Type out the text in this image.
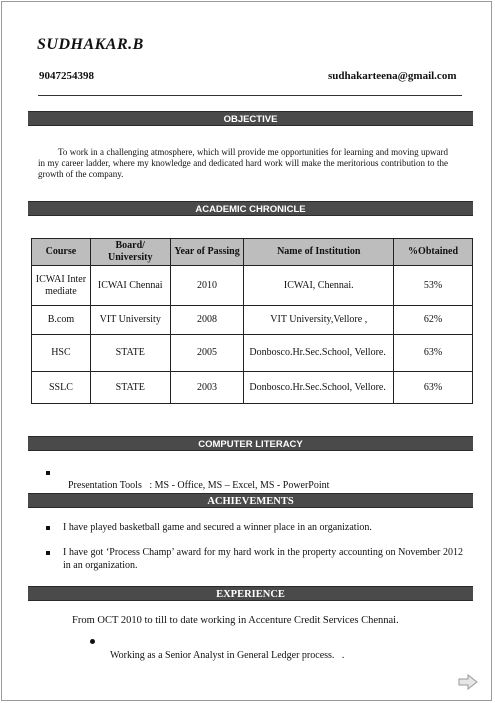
SUDHAKAR.B
9047254398	sudhakarteena@gmail.com
OBJECTIVE
To work in a challenging atmosphere, which will provide me opportunities for learning and moving upward in my career ladder, where my knowledge and dedicated hard work will make the meritorious contribution to the growth of the company.
ACADEMIC CHRONICLE
Course	Board/ University	Year of Passing	Name of Institution	%Obtained
ICWAI Intermediate	ICWAI Chennai	2010	ICWAI, Chennai.	53%
B.com	VIT University	2008	VIT University,Vellore ,	62%
HSC	STATE	2005	Donbosco.Hr.Sec.School, Vellore.	63%
SSLC	STATE	2003	Donbosco.Hr.Sec.School, Vellore.	63%
COMPUTER LITERACY

Presentation Tools   : MS - Office, MS – Excel, MS - PowerPoint

ACHIEVEMENTS
I have played basketball game and secured a winner place in an organization.
I have got ‘Process Champ’ award for my hard work in the property accounting on November 2012 in an organization.
EXPERIENCE
From OCT 2010 to till to date working in Accenture Credit Services Chennai.

Working as a Senior Analyst in General Ledger process.   .
